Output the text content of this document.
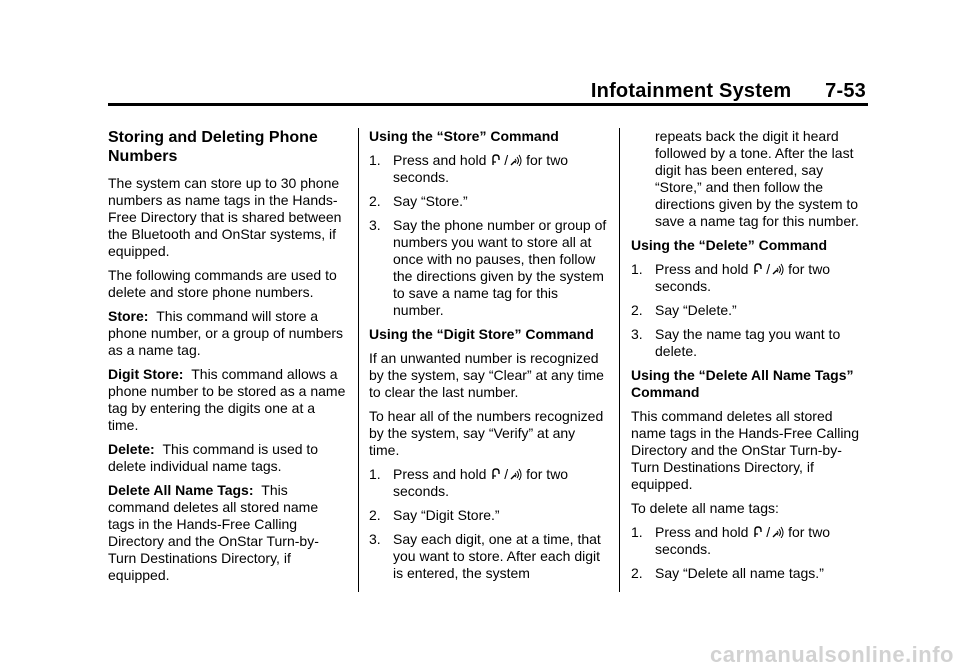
Infotainment System 7-53
Storing and Deleting Phone Numbers

The system can store up to 30 phone numbers as name tags in the Hands-Free Directory that is shared between the Bluetooth and OnStar systems, if equipped.

The following commands are used to delete and store phone numbers.

Store: This command will store a phone number, or a group of numbers as a name tag.

Digit Store: This command allows a phone number to be stored as a name tag by entering the digits one at a time.

Delete: This command is used to delete individual name tags.

Delete All Name Tags: This command deletes all stored name tags in the Hands-Free Calling Directory and the OnStar Turn-by-Turn Destinations Directory, if equipped.

Using the “Store” Command

1. Press and hold / for two seconds.
2. Say “Store.”
3. Say the phone number or group of numbers you want to store all at once with no pauses, then follow the directions given by the system to save a name tag for this number.

Using the “Digit Store” Command

If an unwanted number is recognized by the system, say “Clear” at any time to clear the last number.

To hear all of the numbers recognized by the system, say “Verify” at any time.

1. Press and hold / for two seconds.
2. Say “Digit Store.”
3. Say each digit, one at a time, that you want to store. After each digit is entered, the system

repeats back the digit it heard followed by a tone. After the last digit has been entered, say “Store,” and then follow the directions given by the system to save a name tag for this number.

Using the “Delete” Command

1. Press and hold / for two seconds.
2. Say “Delete.”
3. Say the name tag you want to delete.

Using the “Delete All Name Tags” Command

This command deletes all stored name tags in the Hands-Free Calling Directory and the OnStar Turn-by-Turn Destinations Directory, if equipped.

To delete all name tags:

1. Press and hold / for two seconds.
2. Say “Delete all name tags.”
carmanualsonline.info
